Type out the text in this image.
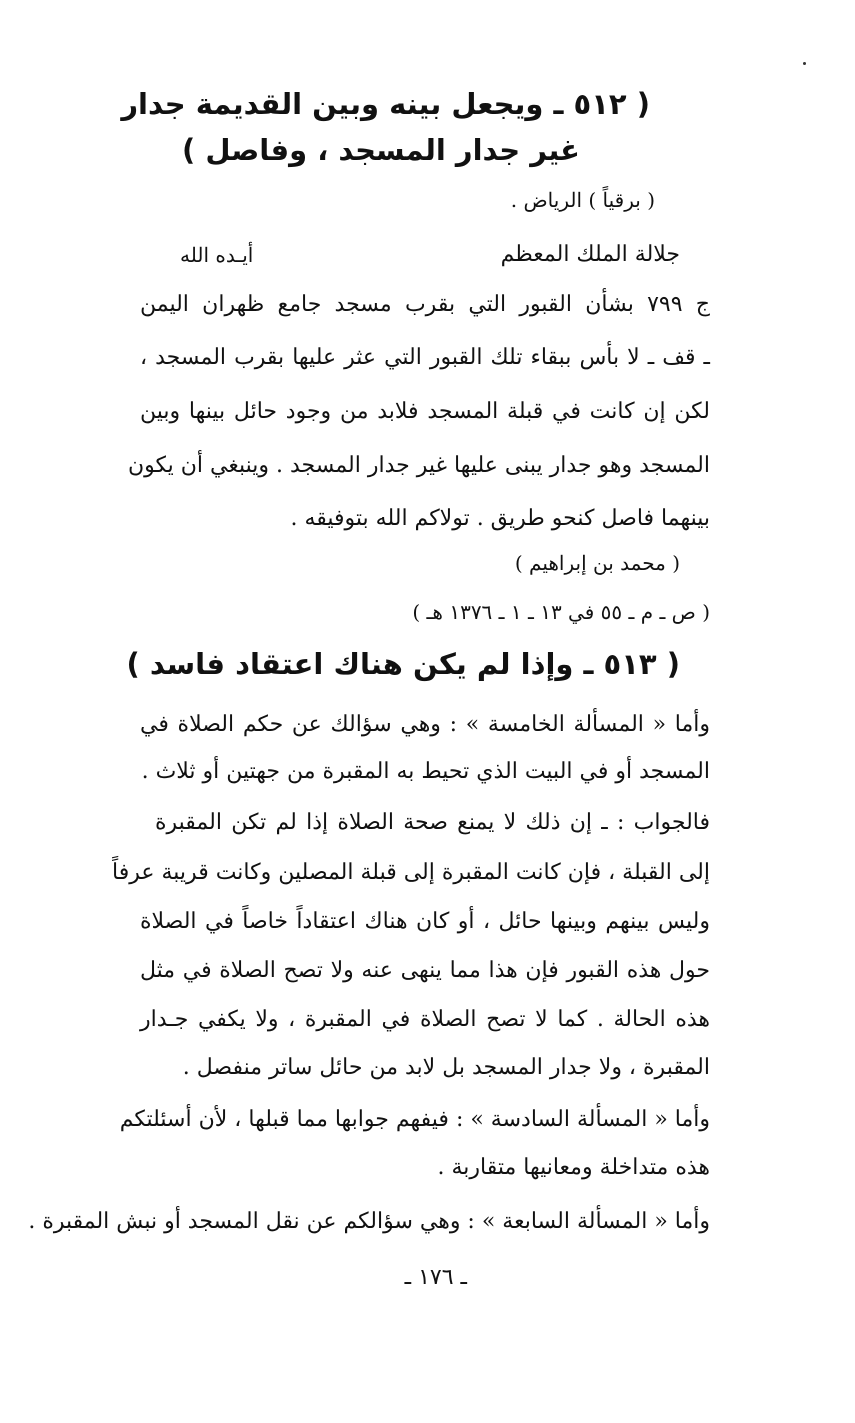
( ٥١٢ ـ ويجعل بينه وبين القديمة جدار
غير جدار المسجد ، وفاصل )
( برقياً ) الرياض .
جلالة الملك المعظم
أيـده الله
ج ٧٩٩ بشأن القبور التي بقرب مسجد جامع ظهران اليمن
ـ قف ـ لا بأس ببقاء تلك القبور التي عثر عليها بقرب المسجد ،
لكن إن كانت في قبلة المسجد فلابد من وجود حائل بينها وبين
المسجد وهو جدار يبنى عليها غير جدار المسجد . وينبغي أن يكون
بينهما فاصل كنحو طريق . تولاكم الله بتوفيقه .
( محمد بن إبراهيم )
( ص ـ م ـ ٥٥ في ١٣ ـ ١ ـ ١٣٧٦ هـ )
( ٥١٣ ـ وإذا لم يكن هناك اعتقاد فاسد )
وأما « المسألة الخامسة » : وهي سؤالك عن حكم الصلاة في
المسجد أو في البيت الذي تحيط به المقبرة من جهتين أو ثلاث .
فالجواب : ـ إن ذلك لا يمنع صحة الصلاة إذا لم تكن المقبرة
إلى القبلة ، فإن كانت المقبرة إلى قبلة المصلين وكانت قريبة عرفاً
وليس بينهم وبينها حائل ، أو كان هناك اعتقاداً خاصاً في الصلاة
حول هذه القبور فإن هذا مما ينهى عنه ولا تصح الصلاة في مثل
هذه الحالة . كما لا تصح الصلاة في المقبرة ، ولا يكفي جـدار
المقبرة ، ولا جدار المسجد بل لابد من حائل ساتر منفصل .
وأما « المسألة السادسة » : فيفهم جوابها مما قبلها ، لأن أسئلتكم
هذه متداخلة ومعانيها متقاربة .
وأما « المسألة السابعة » : وهي سؤالكم عن نقل المسجد أو نبش المقبرة .
ـ ١٧٦ ـ
